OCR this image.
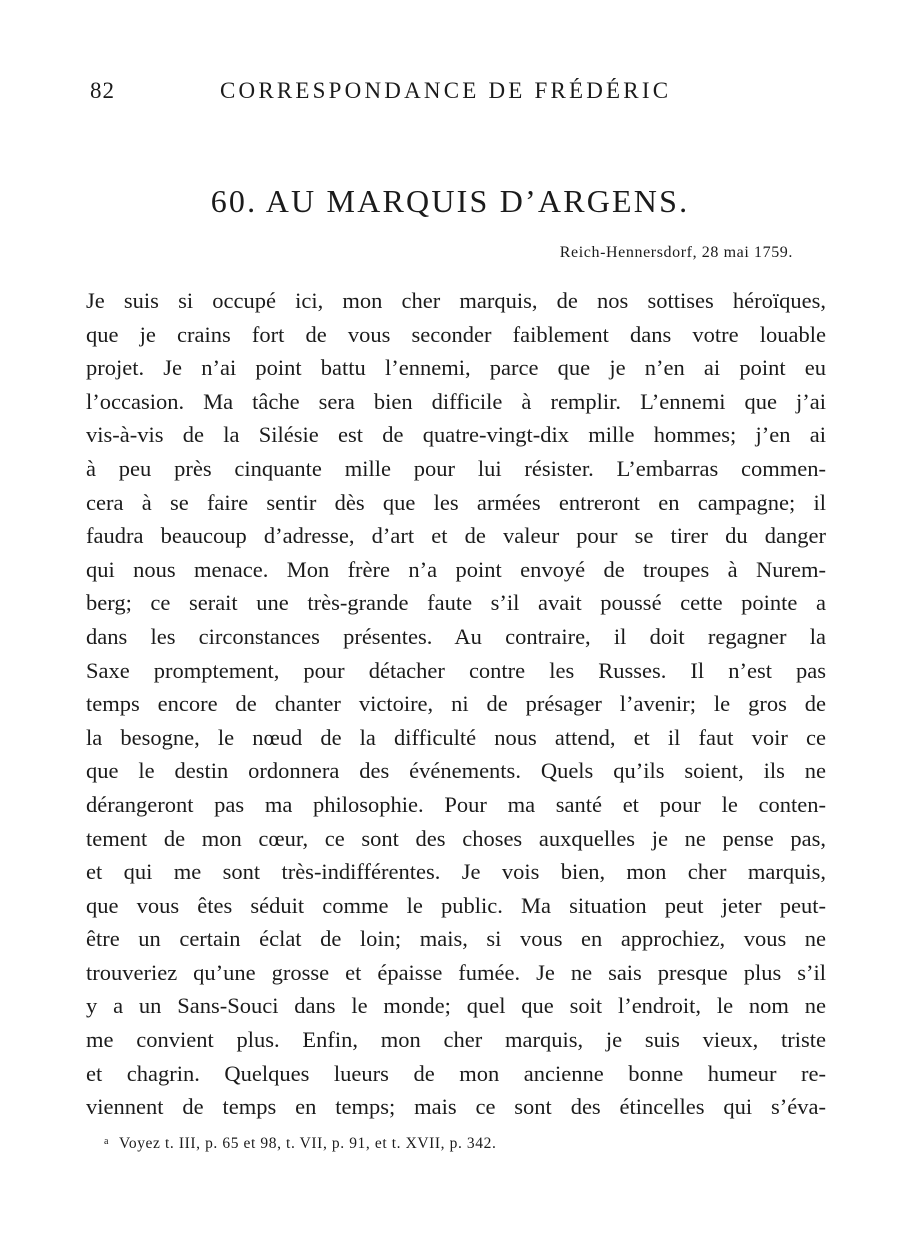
82	CORRESPONDANCE DE FRÉDÉRIC
60. AU MARQUIS D’ARGENS.
Reich-Hennersdorf, 28 mai 1759.
Je suis si occupé ici, mon cher marquis, de nos sottises héroïques,
que je crains fort de vous seconder faiblement dans votre louable
projet. Je n’ai point battu l’ennemi, parce que je n’en ai point eu
l’occasion. Ma tâche sera bien difficile à remplir. L’ennemi que j’ai
vis-à-vis de la Silésie est de quatre-vingt-dix mille hommes; j’en ai
à peu près cinquante mille pour lui résister. L’embarras commen-
cera à se faire sentir dès que les armées entreront en campagne; il
faudra beaucoup d’adresse, d’art et de valeur pour se tirer du danger
qui nous menace. Mon frère n’a point envoyé de troupes à Nurem-
berg; ce serait une très-grande faute s’il avait poussé cette pointe a
dans les circonstances présentes. Au contraire, il doit regagner la
Saxe promptement, pour détacher contre les Russes. Il n’est pas
temps encore de chanter victoire, ni de présager l’avenir; le gros de
la besogne, le nœud de la difficulté nous attend, et il faut voir ce
que le destin ordonnera des événements. Quels qu’ils soient, ils ne
dérangeront pas ma philosophie. Pour ma santé et pour le conten-
tement de mon cœur, ce sont des choses auxquelles je ne pense pas,
et qui me sont très-indifférentes. Je vois bien, mon cher marquis,
que vous êtes séduit comme le public. Ma situation peut jeter peut-
être un certain éclat de loin; mais, si vous en approchiez, vous ne
trouveriez qu’une grosse et épaisse fumée. Je ne sais presque plus s’il
y a un Sans-Souci dans le monde; quel que soit l’endroit, le nom ne
me convient plus. Enfin, mon cher marquis, je suis vieux, triste
et chagrin. Quelques lueurs de mon ancienne bonne humeur re-
viennent de temps en temps; mais ce sont des étincelles qui s’éva-
$^a$ Voyez t. III, p. 65 et 98, t. VII, p. 91, et t. XVII, p. 342.
